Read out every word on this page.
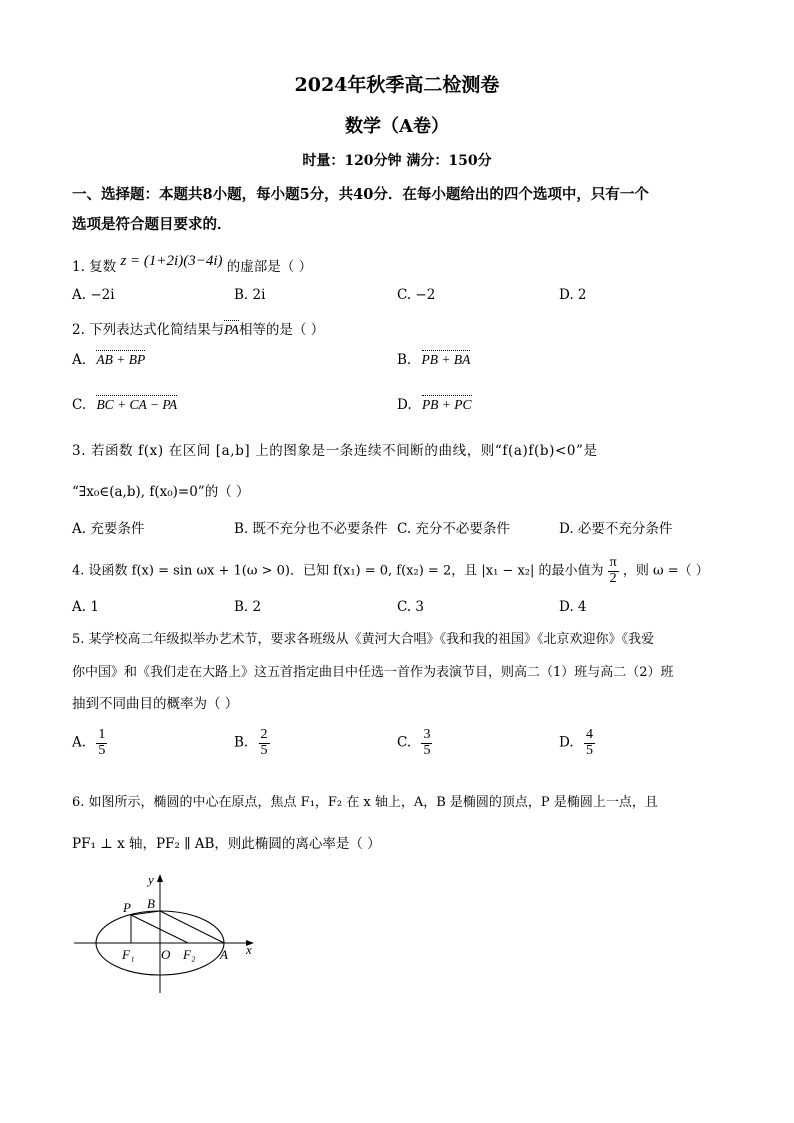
2024年秋季高二检测卷
数学（A卷）
时量：120分钟 满分：150分
一、选择题：本题共8小题，每小题5分，共40分．在每小题给出的四个选项中，只有一个
选项是符合题目要求的．
1. 复数 z = (1+2i)(3−4i) 的虚部是（ ）
A. −2i	B. 2i	C. −2	D. 2
2. 下列表达式化简结果与PA相等的是（ ）
A. AB + BP	B. PB + BA
C. BC + CA − PA	D. PB + PC
3. 若函数 f(x) 在区间 [a,b] 上的图象是一条连续不间断的曲线，则“f(a)f(b)<0”是
“∃x₀∈(a,b), f(x₀)=0”的（ ）
A. 充要条件	B. 既不充分也不必要条件 C. 充分不必要条件	D. 必要不充分条件
4. 设函数 f(x) = sin ωx + 1(ω > 0)．已知 f(x₁) = 0, f(x₂) = 2，且 |x₁ − x₂| 的最小值为 $\frac{\pi}{2}$ ，则 ω =（ ）
A. 1	B. 2	C. 3	D. 4
5. 某学校高二年级拟举办艺术节，要求各班级从《黄河大合唱》《我和我的祖国》《北京欢迎你》《我爱
你中国》和《我们走在大路上》这五首指定曲目中任选一首作为表演节目，则高二（1）班与高二（2）班
抽到不同曲目的概率为（ ）
A. $\frac{1}{5}$	B. $\frac{2}{5}$	C. $\frac{3}{5}$	D. $\frac{4}{5}$
6. 如图所示，椭圆的中心在原点，焦点 F₁，F₂ 在 x 轴上，A，B 是椭圆的顶点，P 是椭圆上一点，且
PF₁ ⊥ x 轴，PF₂ ∥ AB，则此椭圆的离心率是（ ）
y
x
P B
F₁ O F₂ A
